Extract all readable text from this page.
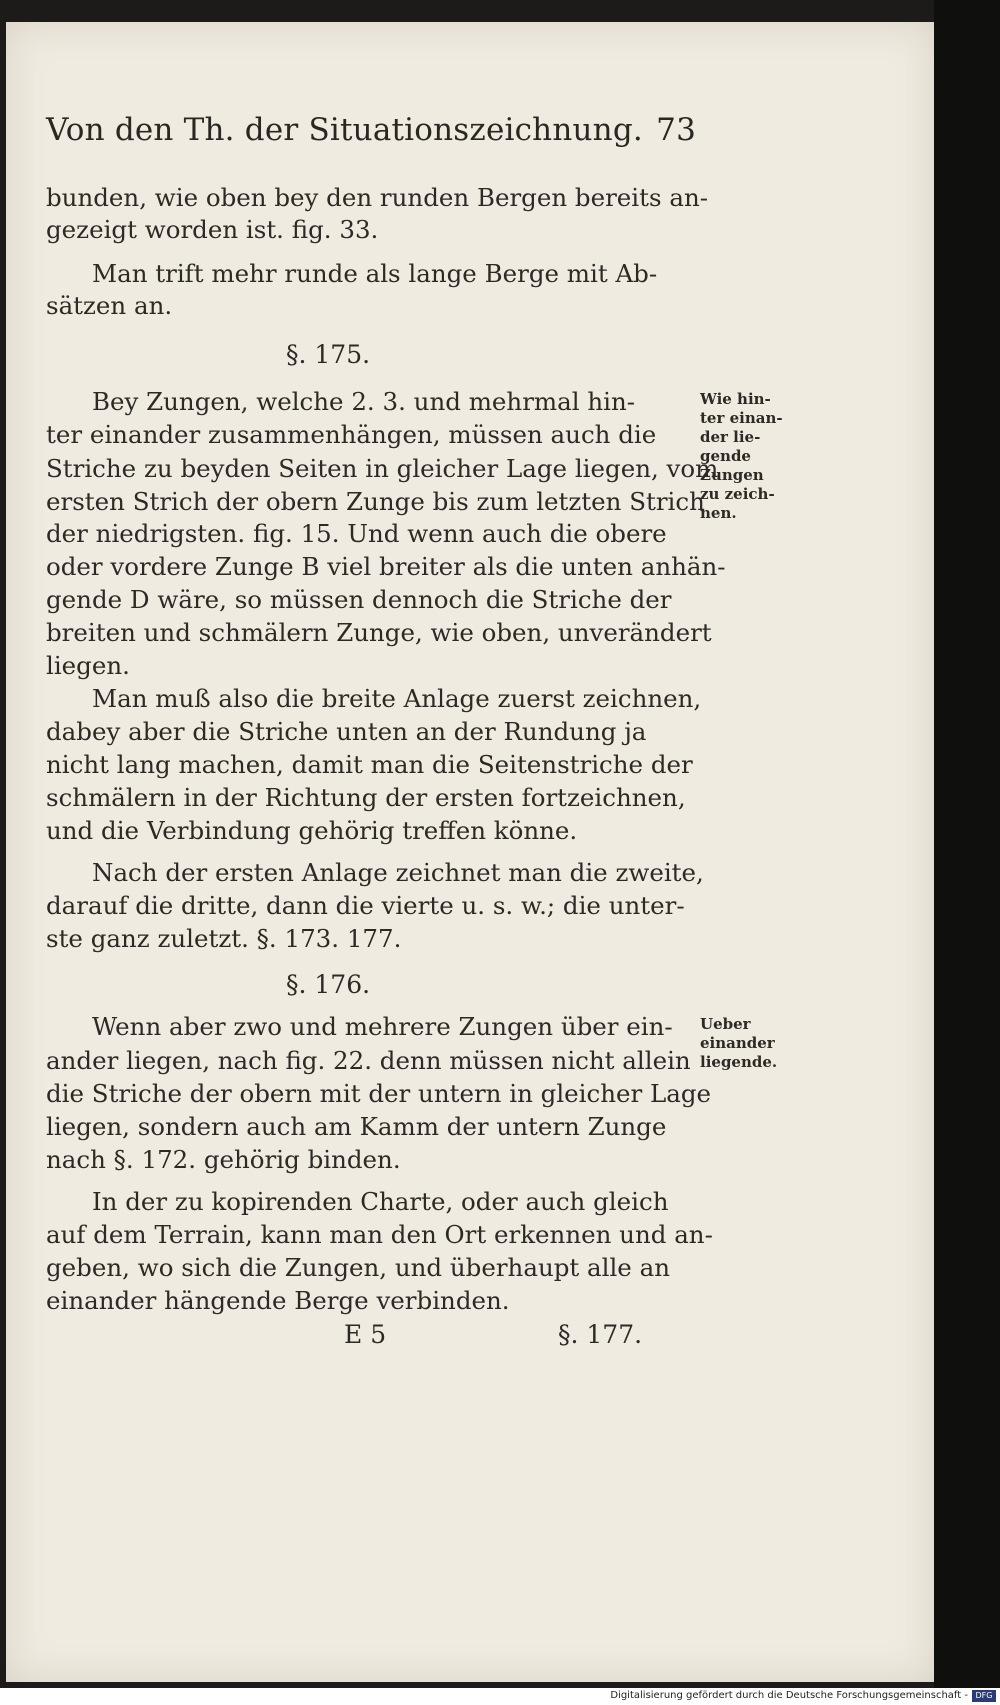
Von den Th. der Situationszeichnung. 73
bunden, wie oben bey den runden Bergen bereits an-
gezeigt worden ist. fig. 33.
Man trift mehr runde als lange Berge mit Ab-
sätzen an.
§. 175.
Bey Zungen, welche 2. 3. und mehrmal hin-
ter einander zusammenhängen, müssen auch die
Striche zu beyden Seiten in gleicher Lage liegen, vom
ersten Strich der obern Zunge bis zum letzten Strich
der niedrigsten. fig. 15. Und wenn auch die obere
oder vordere Zunge B viel breiter als die unten anhän-
gende D wäre, so müssen dennoch die Striche der
breiten und schmälern Zunge, wie oben, unverändert
liegen.
Man muß also die breite Anlage zuerst zeichnen,
dabey aber die Striche unten an der Rundung ja
nicht lang machen, damit man die Seitenstriche der
schmälern in der Richtung der ersten fortzeichnen,
und die Verbindung gehörig treffen könne.
Nach der ersten Anlage zeichnet man die zweite,
darauf die dritte, dann die vierte u. s. w.; die unter-
ste ganz zuletzt. §. 173. 177.
§. 176.
Wenn aber zwo und mehrere Zungen über ein-
ander liegen, nach fig. 22. denn müssen nicht allein
die Striche der obern mit der untern in gleicher Lage
liegen, sondern auch am Kamm der untern Zunge
nach §. 172. gehörig binden.
In der zu kopirenden Charte, oder auch gleich
auf dem Terrain, kann man den Ort erkennen und an-
geben, wo sich die Zungen, und überhaupt alle an
einander hängende Berge verbinden.
E 5	§. 177.
Wie hin-
ter einan-
der lie-
gende
Zungen
zu zeich-
nen.
Ueber
einander
liegende.
Digitalisierung gefördert durch die Deutsche Forschungsgemeinschaft - DFG
